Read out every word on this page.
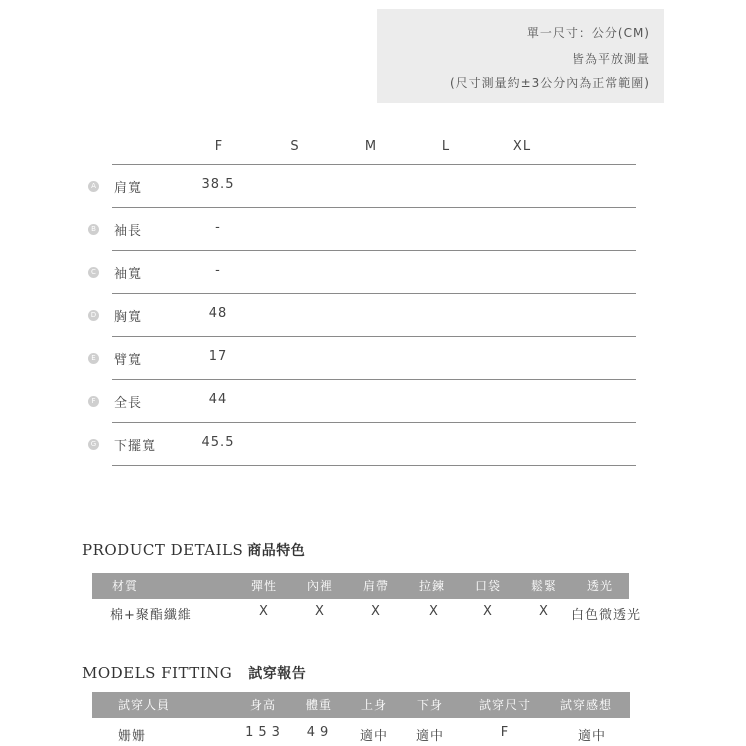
單一尺寸：公分(CM)
皆為平放測量
(尺寸測量約±3公分內為正常範圍)
F	S	M	L	XL
A 肩寬	38.5
B 袖長	-
C 袖寬	-
D 胸寬	48
E 臂寬	17
F 全長	44
G 下擺寬	45.5
PRODUCT DETAILS 商品特色
材質	彈性	內裡	肩帶	拉鍊	口袋	鬆緊	透光
棉+聚酯纖維	X	X	X	X	X	X	白色微透光
MODELS FITTING 試穿報告
試穿人員	身高	體重	上身	下身	試穿尺寸	試穿感想
姗姗	153	49	適中	適中	F	適中
